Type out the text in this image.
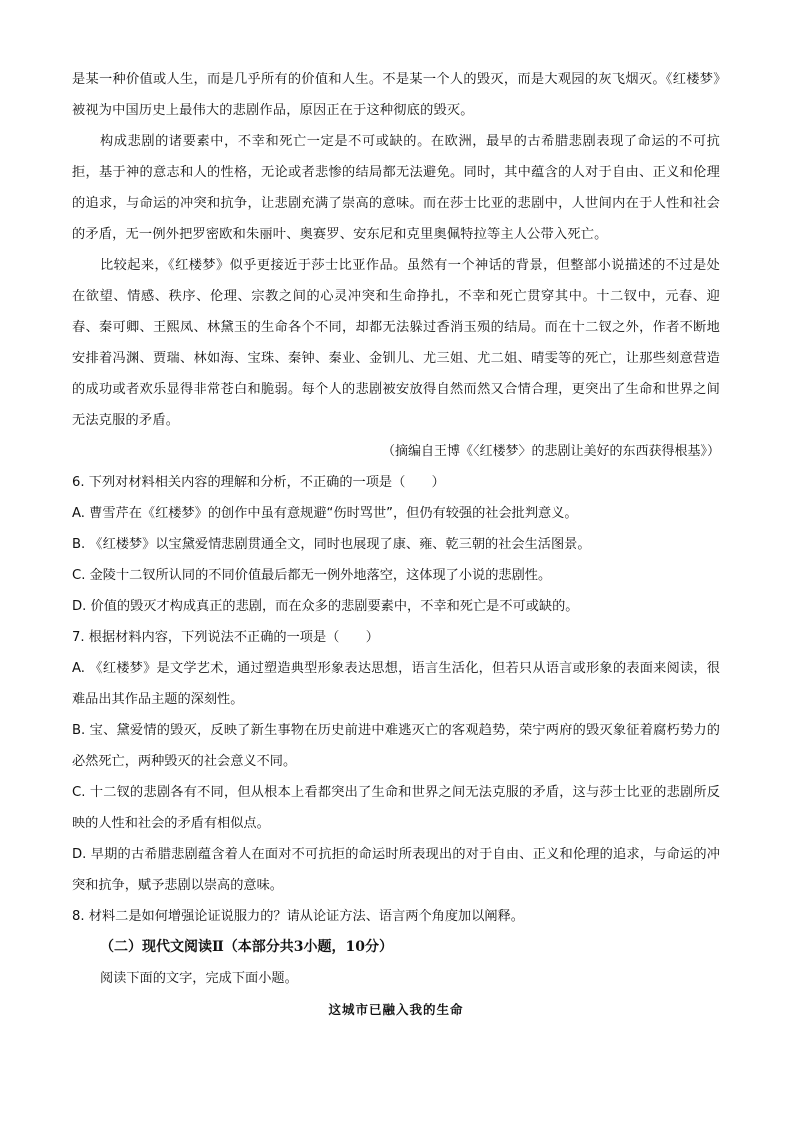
是某一种价值或人生，而是几乎所有的价值和人生。不是某一个人的毁灭，而是大观园的灰飞烟灭。《红楼梦》被视为中国历史上最伟大的悲剧作品，原因正在于这种彻底的毁灭。

构成悲剧的诸要素中，不幸和死亡一定是不可或缺的。在欧洲，最早的古希腊悲剧表现了命运的不可抗拒，基于神的意志和人的性格，无论或者悲惨的结局都无法避免。同时，其中蕴含的人对于自由、正义和伦理的追求，与命运的冲突和抗争，让悲剧充满了崇高的意味。而在莎士比亚的悲剧中，人世间内在于人性和社会的矛盾，无一例外把罗密欧和朱丽叶、奥赛罗、安东尼和克里奥佩特拉等主人公带入死亡。

比较起来，《红楼梦》似乎更接近于莎士比亚作品。虽然有一个神话的背景，但整部小说描述的不过是处在欲望、情感、秩序、伦理、宗教之间的心灵冲突和生命挣扎，不幸和死亡贯穿其中。十二钗中，元春、迎春、秦可卿、王熙凤、林黛玉的生命各个不同，却都无法躲过香消玉殒的结局。而在十二钗之外，作者不断地安排着冯渊、贾瑞、林如海、宝珠、秦钟、秦业、金钏儿、尤三姐、尤二姐、晴雯等的死亡，让那些刻意营造的成功或者欢乐显得非常苍白和脆弱。每个人的悲剧被安放得自然而然又合情合理，更突出了生命和世界之间无法克服的矛盾。

（摘编自王博《〈红楼梦〉的悲剧让美好的东西获得根基》）

6. 下列对材料相关内容的理解和分析，不正确的一项是（　　）

A. 曹雪芹在《红楼梦》的创作中虽有意规避“伤时骂世”，但仍有较强的社会批判意义。

B. 《红楼梦》以宝黛爱情悲剧贯通全文，同时也展现了康、雍、乾三朝的社会生活图景。

C. 金陵十二钗所认同的不同价值最后都无一例外地落空，这体现了小说的悲剧性。

D. 价值的毁灭才构成真正的悲剧，而在众多的悲剧要素中，不幸和死亡是不可或缺的。

7. 根据材料内容，下列说法不正确的一项是（　　）

A. 《红楼梦》是文学艺术，通过塑造典型形象表达思想，语言生活化，但若只从语言或形象的表面来阅读，很难品出其作品主题的深刻性。

B. 宝、黛爱情的毁灭，反映了新生事物在历史前进中难逃灭亡的客观趋势，荣宁两府的毁灭象征着腐朽势力的必然死亡，两种毁灭的社会意义不同。

C. 十二钗的悲剧各有不同，但从根本上看都突出了生命和世界之间无法克服的矛盾，这与莎士比亚的悲剧所反映的人性和社会的矛盾有相似点。

D. 早期的古希腊悲剧蕴含着人在面对不可抗拒的命运时所表现出的对于自由、正义和伦理的追求，与命运的冲突和抗争，赋予悲剧以崇高的意味。

8. 材料二是如何增强论证说服力的？请从论证方法、语言两个角度加以阐释。

（二）现代文阅读Ⅱ（本部分共3小题，10分）

阅读下面的文字，完成下面小题。

这城市已融入我的生命
